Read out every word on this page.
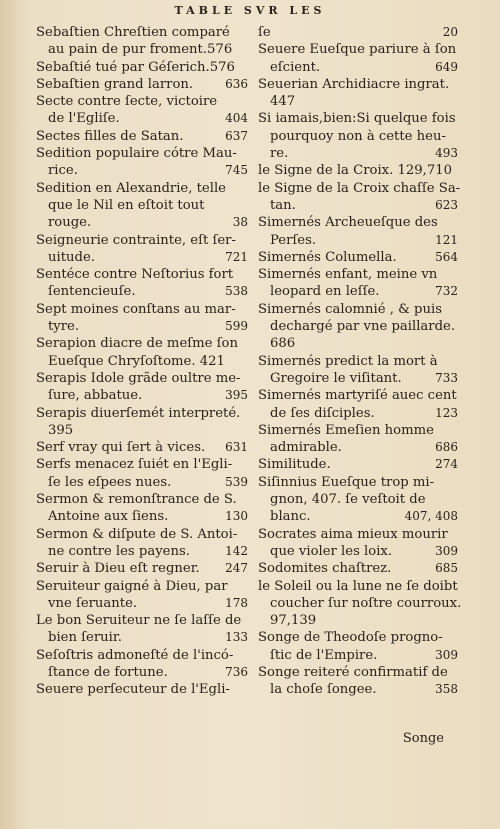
TABLE SVR LES
Sebaſtien Chreſtien comparé
au pain de pur froment.576
Sebaſtié tué par Géſerich.576
Sebaſtien grand larron.	636
Secte contre ſecte, victoire
de l'Egliſe.	404
Sectes filles de Satan.	637
Sedition populaire cótre Mau-
rice.	745
Sedition en Alexandrie, telle
que le Nil en eſtoit tout
rouge.	38
Seigneurie contrainte, eſt ſer-
uitude.	721
Sentéce contre Neſtorius fort
ſentencieuſe.	538
Sept moines conſtans au mar-
tyre.	599
Serapion diacre de meſme ſon
Eueſque Chryſoſtome. 421
Serapis Idole grãde oultre me-
ſure, abbatue.	395
Serapis diuerſemét interpreté.
395
Serf vray qui ſert à vices.	631
Serfs menacez ſuiét en l'Egli-
ſe les eſpees nues.	539
Sermon & remonſtrance de S.
Antoine aux ſiens.	130
Sermon & diſpute de S. Antoi-
ne contre les payens.	142
Seruir à Dieu eſt regner.	247
Seruiteur gaigné à Dieu, par
vne ſeruante.	178
Le bon Seruiteur ne ſe laſſe de
bien ſeruir.	133
Seſoſtris admoneſté de l'incó-
ſtance de fortune.	736
Seuere perſecuteur de l'Egli-
ſe	20
Seuere Eueſque pariure à ſon
eſcient.	649
Seuerian Archidiacre ingrat.
447
Si iamais,bien:Si quelque fois
pourquoy non à cette heu-
re.	493
le Signe de la Croix. 129,710
le Signe de la Croix chaſſe Sa-
tan.	623
Simernés Archeueſque des
Perſes.	121
Simernés Columella.	564
Simernés enfant, meine vn
leopard en leſſe.	732
Simernés calomnié , & puis
dechargé par vne paillarde.
686
Simernés predict la mort à
Gregoire le viſitant.	733
Simernés martyriſé auec cent
de ſes diſciples.	123
Simernés Emeſien homme
admirable.	686
Similitude.	274
Siſinnius Eueſque trop mi-
gnon, 407. ſe veſtoit de
blanc.	407, 408
Socrates aima mieux mourir
que violer les loix.	309
Sodomites chaſtrez.	685
le Soleil ou la lune ne ſe doibt
coucher ſur noſtre courroux.
97,139
Songe de Theodoſe progno-
ſtic de l'Empire.	309
Songe reiteré confirmatif de
la choſe ſongee.	358
Songe
